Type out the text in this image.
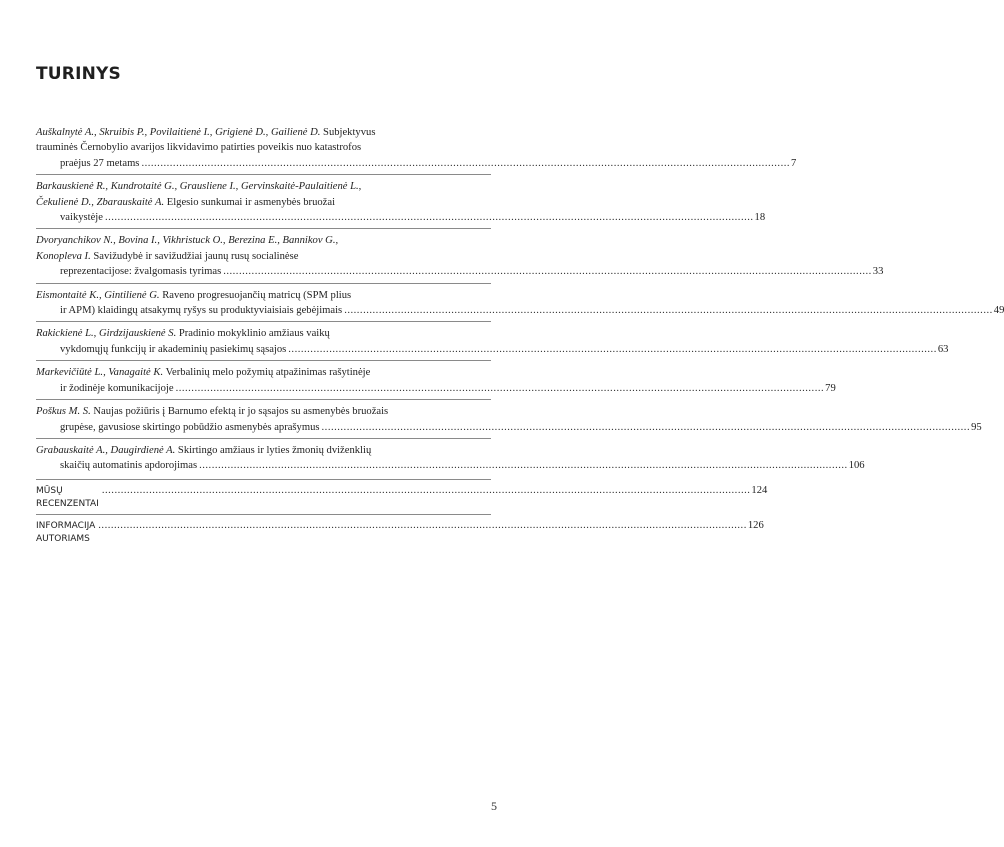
TURINYS
Auškalnytė A., Skruibis P., Povilaitienė I., Grigienė D., Gailienė D. Subjektyvus
trauminės Černobylio avarijos likvidavimo patirties poveikis nuo katastrofos
praėjus 27 metams .............................................................................................................................................................................................................. 7
Barkauskienė R., Kundrotaitė G., Grausliene I., Gervinskaitė-Paulaitienė L.,
Čekulienė D., Zbarauskaitė A. Elgesio sunkumai ir asmenybės bruožai
vaikystėje .............................................................................................................................................................................................................. 18
Dvoryanchikov N., Bovina I., Vikhristuck O., Berezina E., Bannikov G.,
Konopleva I. Savižudybė ir savižudžiai jaunų rusų socialinėse
reprezentacijose: žvalgomasis tyrimas .............................................................................................................................................................................................................. 33
Eismontaitė K., Gintilienė G. Raveno progresuojančių matricų (SPM plius
ir APM) klaidingų atsakymų ryšys su produktyviaisiais gebėjimais .............................................................................................................................................................................................................. 49
Rakickienė L., Girdzijauskienė S. Pradinio mokyklinio amžiaus vaikų
vykdomųjų funkcijų ir akademinių pasiekimų sąsajos .............................................................................................................................................................................................................. 63
Markevičiūtė L., Vanagaitė K. Verbalinių melo požymių atpažinimas rašytinėje
ir žodinėje komunikacijoje .............................................................................................................................................................................................................. 79
Poškus M. S. Naujas požiūris į Barnumo efektą ir jo sąsajos su asmenybės bruožais
grupėse, gavusiose skirtingo pobūdžio asmenybės aprašymus .............................................................................................................................................................................................................. 95
Grabauskaitė A., Daugirdienė A. Skirtingo amžiaus ir lyties žmonių dviženklių
skaičių automatinis apdorojimas .............................................................................................................................................................................................................. 106
MŪSŲ RECENZENTAI
.............................................................................................................................................................................................................. 124
INFORMACIJA AUTORIAMS
.............................................................................................................................................................................................................. 126
5
